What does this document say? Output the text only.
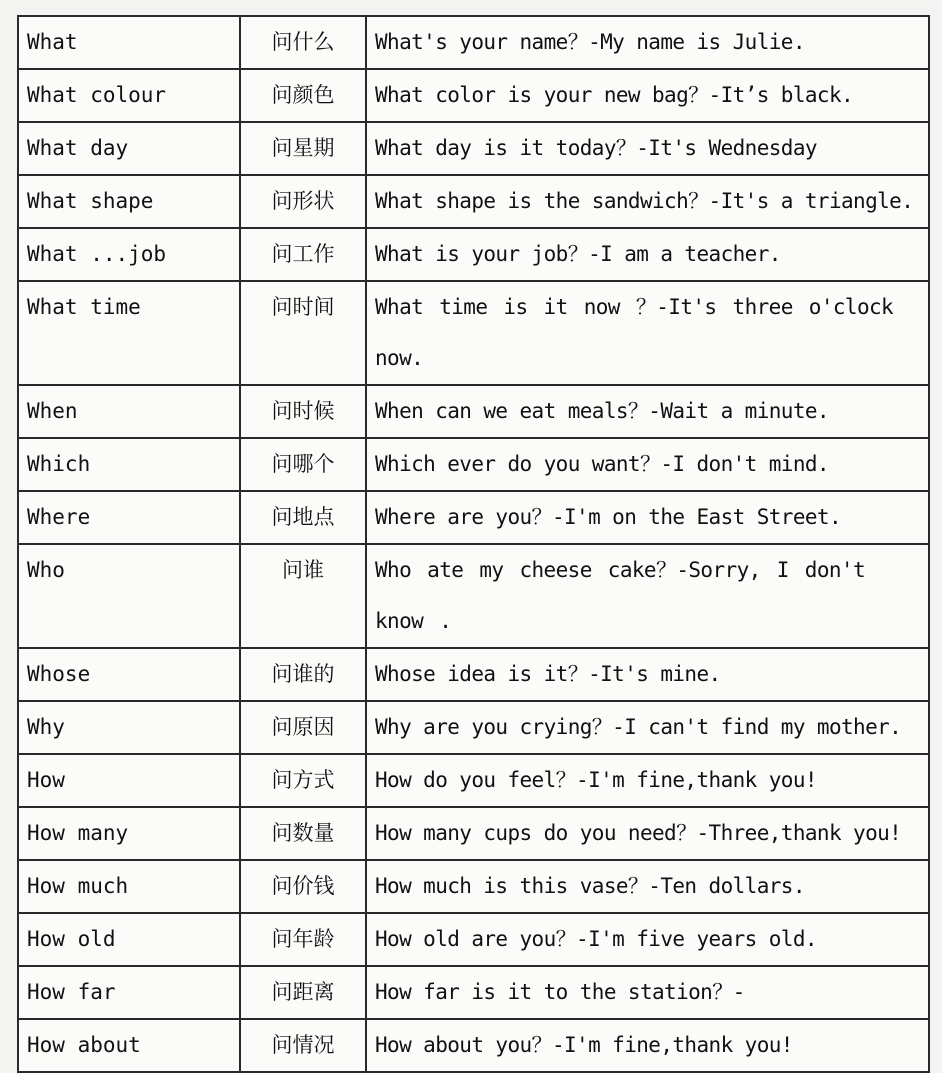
What	问什么	What's your name？-My name is Julie.
What colour	问颜色	What color is your new bag？-It’s black.
What day	问星期	What day is it today？-It's Wednesday
What shape	问形状	What shape is the sandwich？-It's a triangle.
What ...job	问工作	What is your job？-I am a teacher.
What time	问时间	What time is it now ？-It's three o'clock now.
When	问时候	When can we eat meals？-Wait a minute.
Which	问哪个	Which ever do you want？-I don't mind.
Where	问地点	Where are you？-I'm on the East Street.
Who	问谁	Who ate my cheese cake？-Sorry, I don't know .
Whose	问谁的	Whose idea is it？-It's mine.
Why	问原因	Why are you crying？-I can't find my mother.
How	问方式	How do you feel？-I'm fine,thank you!
How many	问数量	How many cups do you need？-Three,thank you!
How much	问价钱	How much is this vase？-Ten dollars.
How old	问年龄	How old are you？-I'm five years old.
How far	问距离	How far is it to the station？-
How about	问情况	How about you？-I'm fine,thank you!
